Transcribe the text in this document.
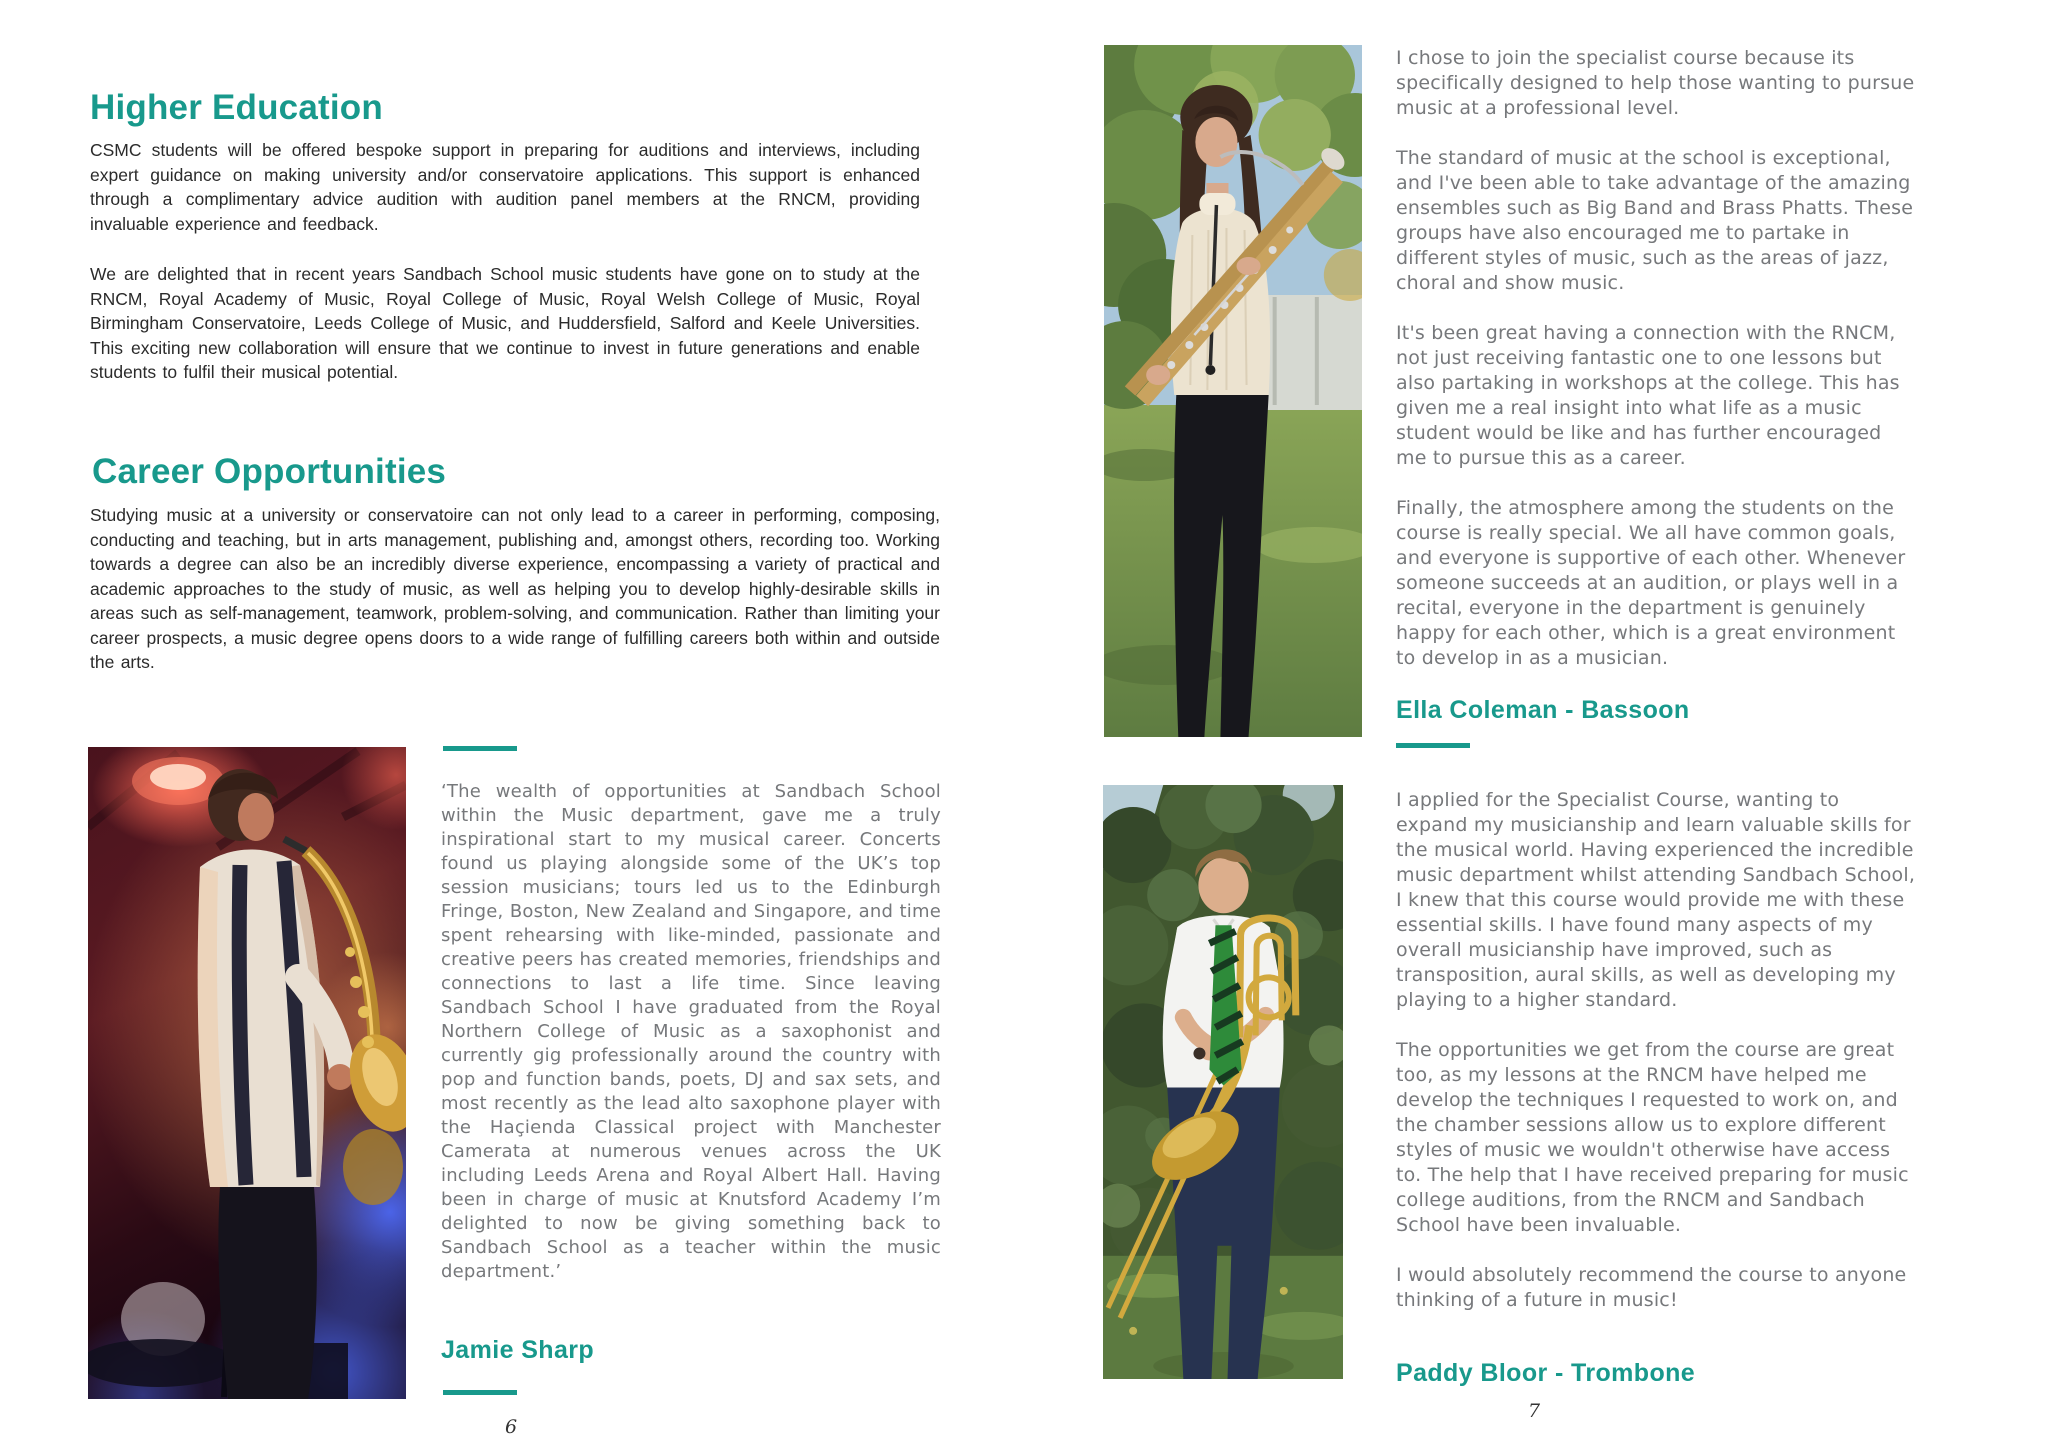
Higher Education

CSMC students will be offered bespoke support in preparing for auditions and interviews, including expert guidance on making university and/or conservatoire applications. This support is enhanced through a complimentary advice audition with audition panel members at the RNCM, providing invaluable experience and feedback.

We are delighted that in recent years Sandbach School music students have gone on to study at the RNCM, Royal Academy of Music, Royal College of Music, Royal Welsh College of Music, Royal Birmingham Conservatoire, Leeds College of Music, and Huddersfield, Salford and Keele Universities. This exciting new collaboration will ensure that we continue to invest in future generations and enable students to fulfil their musical potential.

Career Opportunities

Studying music at a university or conservatoire can not only lead to a career in performing, composing, conducting and teaching, but in arts management, publishing and, amongst others, recording too. Working towards a degree can also be an incredibly diverse experience, encompassing a variety of practical and academic approaches to the study of music, as well as helping you to develop highly-desirable skills in areas such as self-management, teamwork, problem-solving, and communication. Rather than limiting your career prospects, a music degree opens doors to a wide range of fulfilling careers both within and outside the arts.

‘The wealth of opportunities at Sandbach School within the Music department, gave me a truly inspirational start to my musical career. Concerts found us playing alongside some of the UK’s top session musicians; tours led us to the Edinburgh Fringe, Boston, New Zealand and Singapore, and time spent rehearsing with like-minded, passionate and creative peers has created memories, friendships and connections to last a life time. Since leaving Sandbach School I have graduated from the Royal Northern College of Music as a saxophonist and currently gig professionally around the country with pop and function bands, poets, DJ and sax sets, and most recently as the lead alto saxophone player with the Haçienda Classical project with Manchester Camerata at numerous venues across the UK including Leeds Arena and Royal Albert Hall. Having been in charge of music at Knutsford Academy I’m delighted to now be giving something back to Sandbach School as a teacher within the music department.’

Jamie Sharp
6

I chose to join the specialist course because its specifically designed to help those wanting to pursue music at a professional level.

The standard of music at the school is exceptional, and I've been able to take advantage of the amazing ensembles such as Big Band and Brass Phatts. These groups have also encouraged me to partake in different styles of music, such as the areas of jazz, choral and show music.

It's been great having a connection with the RNCM, not just receiving fantastic one to one lessons but also partaking in workshops at the college. This has given me a real insight into what life as a music student would be like and has further encouraged me to pursue this as a career.

Finally, the atmosphere among the students on the course is really special. We all have common goals, and everyone is supportive of each other. Whenever someone succeeds at an audition, or plays well in a recital, everyone in the department is genuinely happy for each other, which is a great environment to develop in as a musician.

Ella Coleman - Bassoon

I applied for the Specialist Course, wanting to expand my musicianship and learn valuable skills for the musical world. Having experienced the incredible music department whilst attending Sandbach School, I knew that this course would provide me with these essential skills. I have found many aspects of my overall musicianship have improved, such as transposition, aural skills, as well as developing my playing to a higher standard.

The opportunities we get from the course are great too, as my lessons at the RNCM have helped me develop the techniques I requested to work on, and the chamber sessions allow us to explore different styles of music we wouldn't otherwise have access to. The help that I have received preparing for music college auditions, from the RNCM and Sandbach School have been invaluable.

I would absolutely recommend the course to anyone thinking of a future in music!

Paddy Bloor - Trombone
7
